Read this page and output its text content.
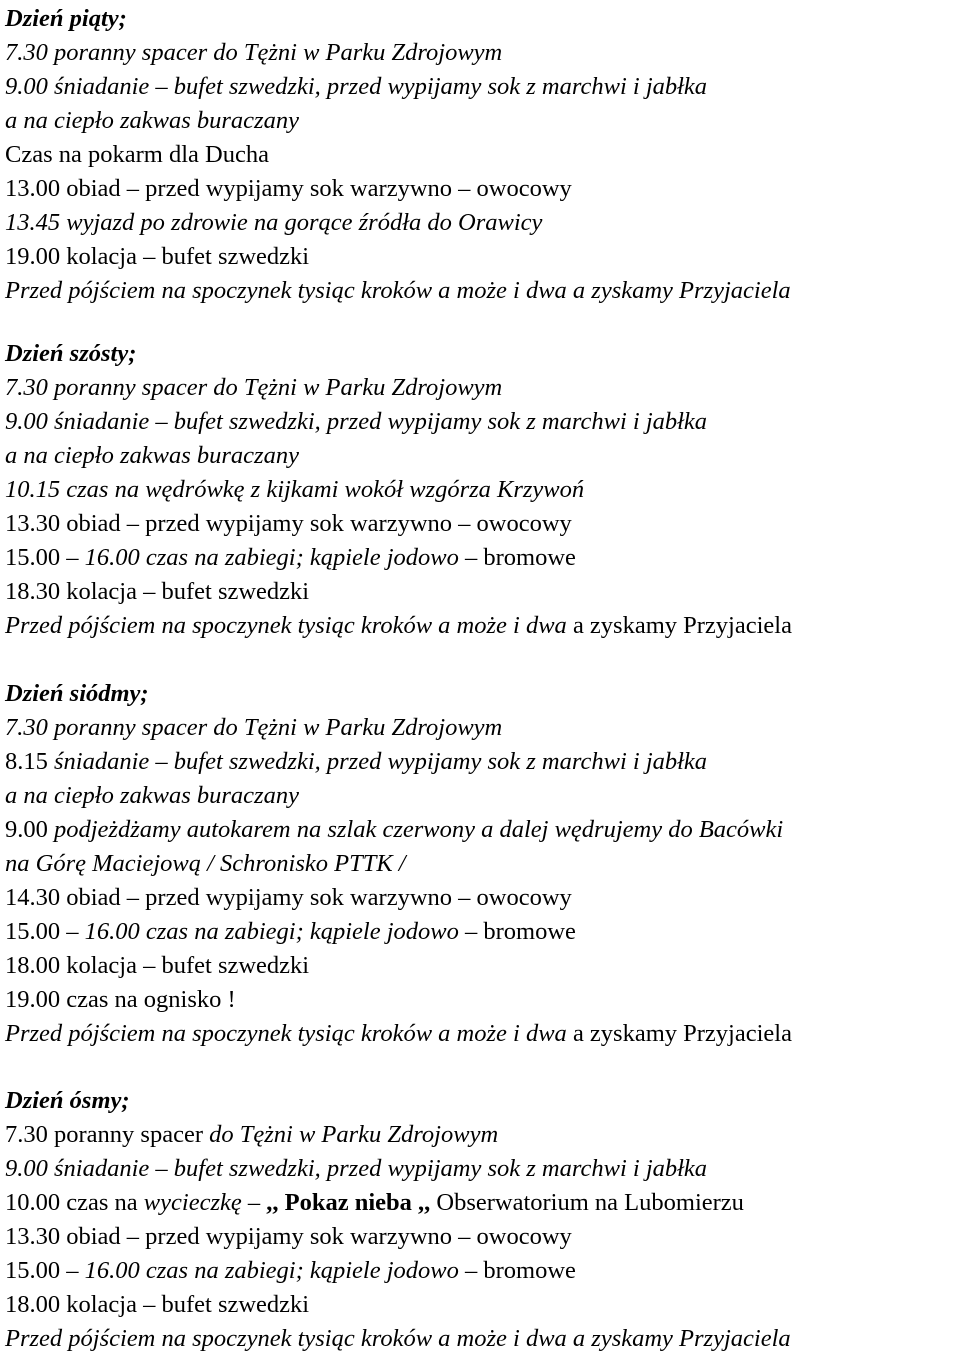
Dzień piąty;
7.30 poranny spacer do Tężni w Parku Zdrojowym
9.00 śniadanie – bufet szwedzki, przed wypijamy sok z marchwi i jabłka
a na ciepło zakwas buraczany
Czas na pokarm dla Ducha
13.00 obiad – przed wypijamy sok warzywno – owocowy
13.45 wyjazd po zdrowie na gorące źródła do Orawicy
19.00 kolacja – bufet szwedzki
Przed pójściem na spoczynek tysiąc kroków a może i dwa a zyskamy Przyjaciela
Dzień szósty;
7.30 poranny spacer do Tężni w Parku Zdrojowym
9.00 śniadanie – bufet szwedzki, przed wypijamy sok z marchwi i jabłka
a na ciepło zakwas buraczany
10.15 czas na wędrówkę z kijkami wokół wzgórza Krzywoń
13.30 obiad – przed wypijamy sok warzywno – owocowy
15.00 – 16.00 czas na zabiegi; kąpiele jodowo – bromowe
18.30 kolacja – bufet szwedzki
Przed pójściem na spoczynek tysiąc kroków a może i dwa a zyskamy Przyjaciela
Dzień siódmy;
7.30 poranny spacer do Tężni w Parku Zdrojowym
8.15 śniadanie – bufet szwedzki, przed wypijamy sok z marchwi i jabłka
a na ciepło zakwas buraczany
9.00 podjeżdżamy autokarem na szlak czerwony a dalej wędrujemy do Bacówki
na Górę Maciejową / Schronisko PTTK /
14.30 obiad – przed wypijamy sok warzywno – owocowy
15.00 – 16.00 czas na zabiegi; kąpiele jodowo – bromowe
18.00 kolacja – bufet szwedzki
19.00 czas na ognisko !
Przed pójściem na spoczynek tysiąc kroków a może i dwa a zyskamy Przyjaciela
Dzień ósmy;
7.30 poranny spacer do Tężni w Parku Zdrojowym
9.00 śniadanie – bufet szwedzki, przed wypijamy sok z marchwi i jabłka
10.00 czas na wycieczkę – ,, Pokaz nieba ,, Obserwatorium na Lubomierzu
13.30 obiad – przed wypijamy sok warzywno – owocowy
15.00 – 16.00 czas na zabiegi; kąpiele jodowo – bromowe
18.00 kolacja – bufet szwedzki
Przed pójściem na spoczynek tysiąc kroków a może i dwa a zyskamy Przyjaciela
